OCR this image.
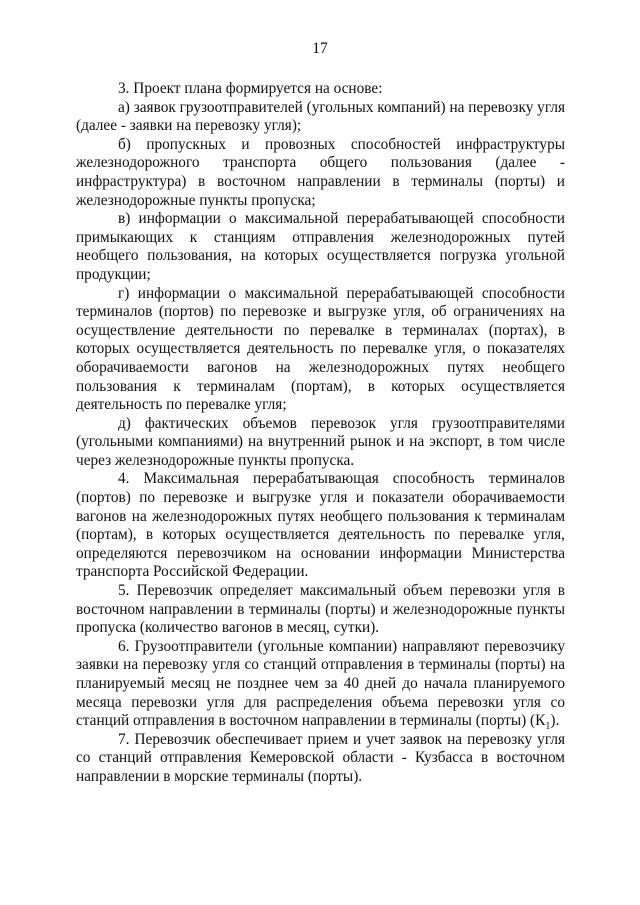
17

3. Проект плана формируется на основе:

а) заявок грузоотправителей (угольных компаний) на перевозку угля (далее - заявки на перевозку угля);

б) пропускных и провозных способностей инфраструктуры железнодорожного транспорта общего пользования (далее - инфраструктура) в восточном направлении в терминалы (порты) и железнодорожные пункты пропуска;

в) информации о максимальной перерабатывающей способности примыкающих к станциям отправления железнодорожных путей необщего пользования, на которых осуществляется погрузка угольной продукции;

г) информации о максимальной перерабатывающей способности терминалов (портов) по перевозке и выгрузке угля, об ограничениях на осуществление деятельности по перевалке в терминалах (портах), в которых осуществляется деятельность по перевалке угля, о показателях оборачиваемости вагонов на железнодорожных путях необщего пользования к терминалам (портам), в которых осуществляется деятельность по перевалке угля;

д) фактических объемов перевозок угля грузоотправителями (угольными компаниями) на внутренний рынок и на экспорт, в том числе через железнодорожные пункты пропуска.

4. Максимальная перерабатывающая способность терминалов (портов) по перевозке и выгрузке угля и показатели оборачиваемости вагонов на железнодорожных путях необщего пользования к терминалам (портам), в которых осуществляется деятельность по перевалке угля, определяются перевозчиком на основании информации Министерства транспорта Российской Федерации.

5. Перевозчик определяет максимальный объем перевозки угля в восточном направлении в терминалы (порты) и железнодорожные пункты пропуска (количество вагонов в месяц, сутки).

6. Грузоотправители (угольные компании) направляют перевозчику заявки на перевозку угля со станций отправления в терминалы (порты) на планируемый месяц не позднее чем за 40 дней до начала планируемого месяца перевозки угля для распределения объема перевозки угля со станций отправления в восточном направлении в терминалы (порты) $(К_1)$.

7. Перевозчик обеспечивает прием и учет заявок на перевозку угля со станций отправления Кемеровской области - Кузбасса в восточном направлении в морские терминалы (порты).
